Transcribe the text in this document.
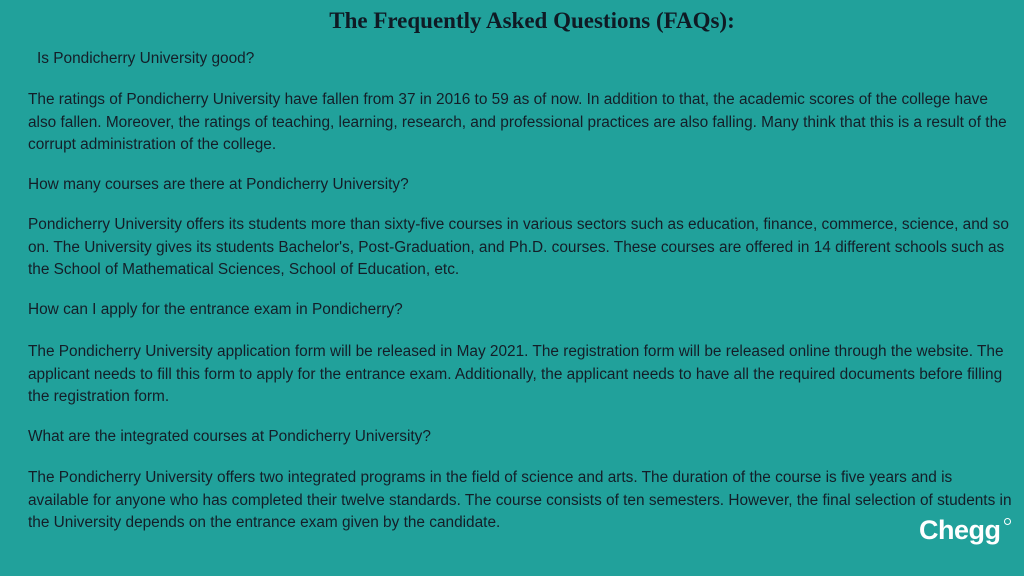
The Frequently Asked Questions (FAQs):

Is Pondicherry University good?

The ratings of Pondicherry University have fallen from 37 in 2016 to 59 as of now. In addition to that, the academic scores of the college have also fallen. Moreover, the ratings of teaching, learning, research, and professional practices are also falling. Many think that this is a result of the corrupt administration of the college.

How many courses are there at Pondicherry University?

Pondicherry University offers its students more than sixty-five courses in various sectors such as education, finance, commerce, science, and so on. The University gives its students Bachelor's, Post-Graduation, and Ph.D. courses. These courses are offered in 14 different schools such as the School of Mathematical Sciences, School of Education, etc.

How can I apply for the entrance exam in Pondicherry?

The Pondicherry University application form will be released in May 2021. The registration form will be released online through the website. The applicant needs to fill this form to apply for the entrance exam. Additionally, the applicant needs to have all the required documents before filling the registration form.

What are the integrated courses at Pondicherry University?

The Pondicherry University offers two integrated programs in the field of science and arts. The duration of the course is five years and is available for anyone who has completed their twelve standards. The course consists of ten semesters. However, the final selection of students in the University depends on the entrance exam given by the candidate.	Chegg
